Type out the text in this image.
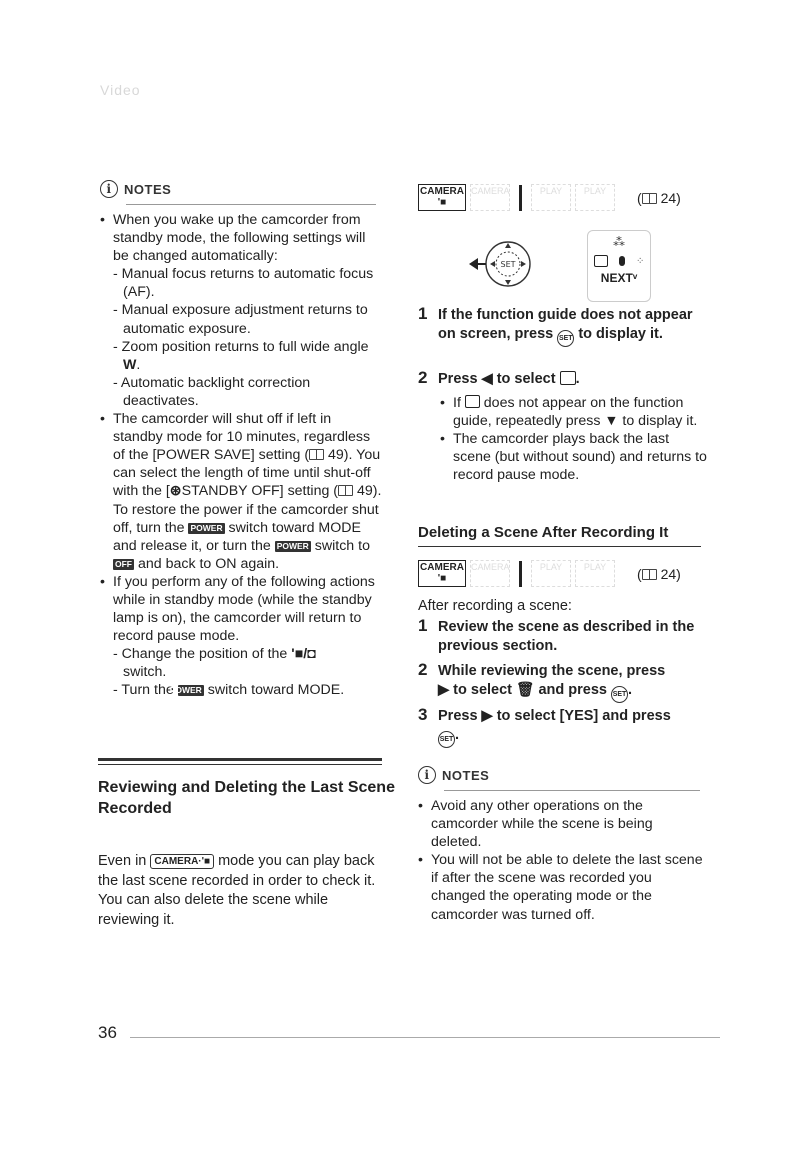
Video
i NOTES
• When you wake up the camcorder from standby mode, the following settings will be changed automatically:
- Manual focus returns to automatic focus (AF).
- Manual exposure adjustment returns to automatic exposure.
- Zoom position returns to full wide angle W.
- Automatic backlight correction deactivates.
• The camcorder will shut off if left in standby mode for 10 minutes, regardless of the [POWER SAVE] setting ( 49). You can select the length of time until shut-off with the [⊛STANDBY OFF] setting ( 49).
To restore the power if the camcorder shut off, turn the POWER switch toward MODE and release it, or turn the POWER switch to OFF and back to ON again.
• If you perform any of the following actions while in standby mode (while the standby lamp is on), the camcorder will return to record pause mode.
- Change the position of the '■/◘
switch.
- Turn the POWER switch toward MODE.
Reviewing and Deleting the Last Scene
Recorded
Even in CAMERA·'■ mode you can play back the last scene recorded in order to check it. You can also delete the scene while reviewing it.
CAMERA
'■
CAMERA	PLAY	PLAY	( 24)
SET
⁂
⁘
NEXTᵛ
1 If the function guide does not appear on screen, press SET to display it.
2 Press ◀ to select .
• If does not appear on the function guide, repeatedly press ▼ to display it.
• The camcorder plays back the last scene (but without sound) and returns to record pause mode.
Deleting a Scene After Recording It
CAMERA
'■
CAMERA	PLAY	PLAY	( 24)
After recording a scene:
1 Review the scene as described in the previous section.
2 While reviewing the scene, press
▶ to select 🗑 and press SET .
3 Press ▶ to select [YES] and press
SET .
i NOTES
• Avoid any other operations on the camcorder while the scene is being deleted.
• You will not be able to delete the last scene if after the scene was recorded you changed the operating mode or the camcorder was turned off.
36
